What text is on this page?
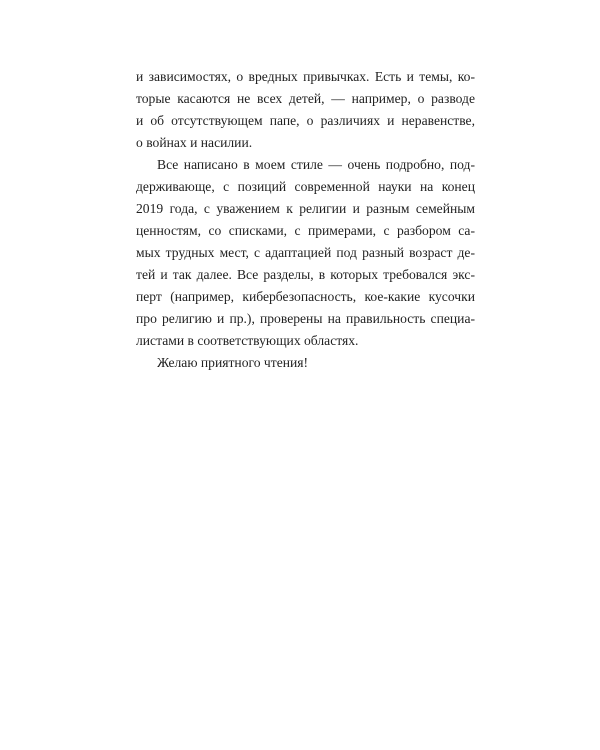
и зависимостях, о вредных привычках. Есть и темы, ко-
торые касаются не всех детей, — например, о разводе
и об отсутствующем папе, о различиях и неравенстве,
о войнах и насилии.

Все написано в моем стиле — очень подробно, под-
держивающе, с позиций современной науки на конец
2019 года, с уважением к религии и разным семейным
ценностям, со списками, с примерами, с разбором са-
мых трудных мест, с адаптацией под разный возраст де-
тей и так далее. Все разделы, в которых требовался экс-
перт (например, кибербезопасность, кое-какие кусочки
про религию и пр.), проверены на правильность специа-
листами в соответствующих областях.

Желаю приятного чтения!
